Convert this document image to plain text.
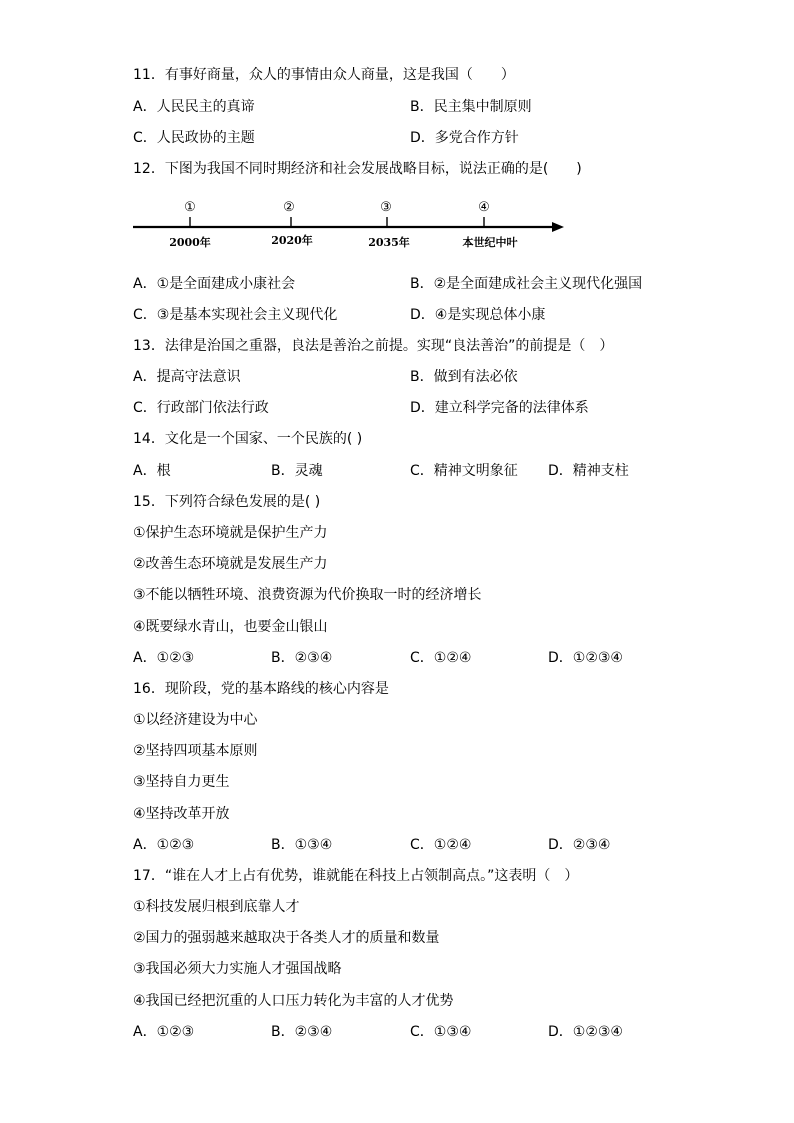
11．有事好商量，众人的事情由众人商量，这是我国（　　）
A．人民民主的真谛	B．民主集中制原则
C．人民政协的主题	D．多党合作方针
12．下图为我国不同时期经济和社会发展战略目标，说法正确的是(　　)
①	②	③	④
2000年	2020年	2035年	本世纪中叶
A．①是全面建成小康社会	B．②是全面建成社会主义现代化强国
C．③是基本实现社会主义现代化	D．④是实现总体小康
13．法律是治国之重器，良法是善治之前提。实现“良法善治”的前提是（　）
A．提高守法意识	B．做到有法必依
C．行政部门依法行政	D．建立科学完备的法律体系
14．文化是一个国家、一个民族的( )
A．根	B．灵魂	C．精神文明象征 D．精神支柱
15．下列符合绿色发展的是( )
①保护生态环境就是保护生产力
②改善生态环境就是发展生产力
③不能以牺牲环境、浪费资源为代价换取一时的经济增长
④既要绿水青山，也要金山银山
A．①②③	B．②③④	C．①②④	D．①②③④
16．现阶段，党的基本路线的核心内容是
①以经济建设为中心
②坚持四项基本原则
③坚持自力更生
④坚持改革开放
A．①②③	B．①③④	C．①②④	D．②③④
17．“谁在人才上占有优势，谁就能在科技上占领制高点。”这表明（　）
①科技发展归根到底靠人才
②国力的强弱越来越取决于各类人才的质量和数量
③我国必须大力实施人才强国战略
④我国已经把沉重的人口压力转化为丰富的人才优势
A．①②③	B．②③④	C．①③④	D．①②③④
